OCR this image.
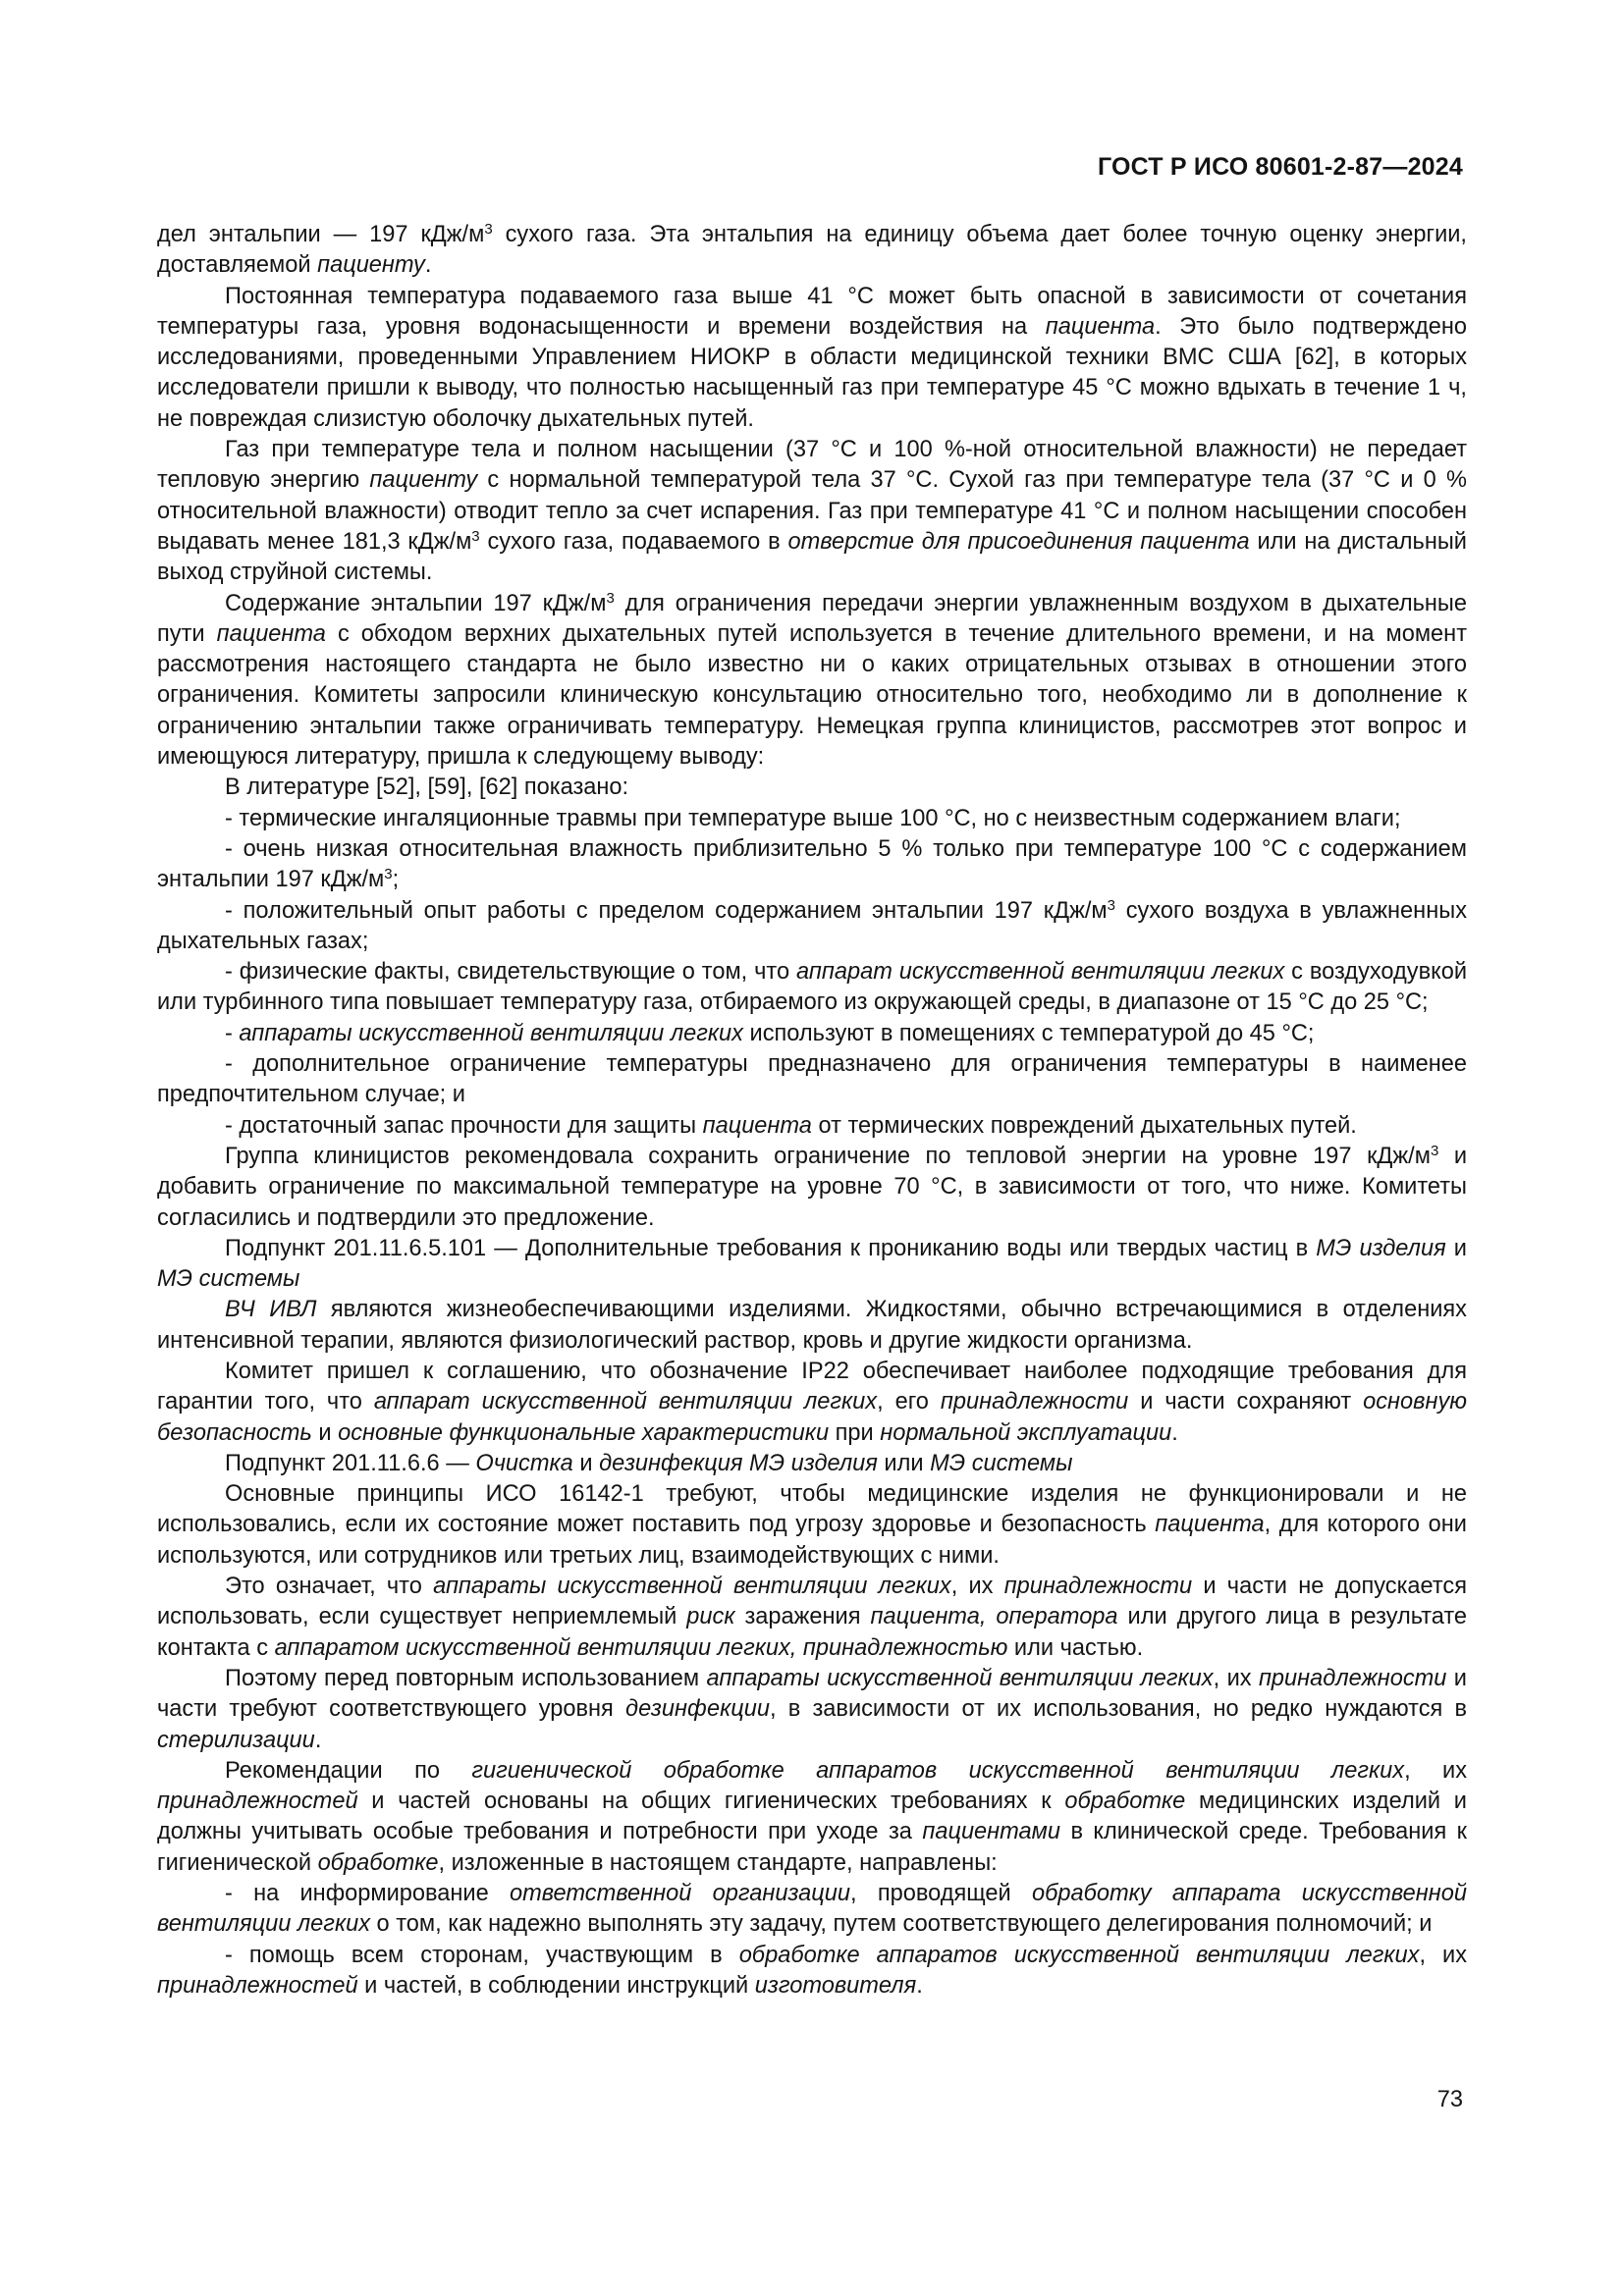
ГОСТ Р ИСО 80601-2-87—2024

дел энтальпии — 197 кДж/$м^3$ сухого газа. Эта энтальпия на единицу объема дает более точную оценку энергии, доставляемой пациенту.

Постоянная температура подаваемого газа выше 41 °С может быть опасной в зависимости от сочетания температуры газа, уровня водонасыщенности и времени воздействия на пациента. Это было подтверждено исследованиями, проведенными Управлением НИОКР в области медицинской техники ВМС США [62], в которых исследователи пришли к выводу, что полностью насыщенный газ при температуре 45 °С можно вдыхать в течение 1 ч, не повреждая слизистую оболочку дыхательных путей.

Газ при температуре тела и полном насыщении (37 °С и 100 %-ной относительной влажности) не передает тепловую энергию пациенту с нормальной температурой тела 37 °С. Сухой газ при температуре тела (37 °С и 0 % относительной влажности) отводит тепло за счет испарения. Газ при температуре 41 °С и полном насыщении способен выдавать менее 181,3 кДж/$м^3$ сухого газа, подаваемого в отверстие для присоединения пациента или на дистальный выход струйной системы.

Содержание энтальпии 197 кДж/$м^3$ для ограничения передачи энергии увлажненным воздухом в дыхательные пути пациента с обходом верхних дыхательных путей используется в течение длительного времени, и на момент рассмотрения настоящего стандарта не было известно ни о каких отрицательных отзывах в отношении этого ограничения. Комитеты запросили клиническую консультацию относительно того, необходимо ли в дополнение к ограничению энтальпии также ограничивать температуру. Немецкая группа клиницистов, рассмотрев этот вопрос и имеющуюся литературу, пришла к следующему выводу:

В литературе [52], [59], [62] показано:

- термические ингаляционные травмы при температуре выше 100 °С, но с неизвестным содержанием влаги;

- очень низкая относительная влажность приблизительно 5 % только при температуре 100 °С с содержанием энтальпии 197 кДж/$м^3$;

- положительный опыт работы с пределом содержанием энтальпии 197 кДж/$м^3$ сухого воздуха в увлажненных дыхательных газах;

- физические факты, свидетельствующие о том, что аппарат искусственной вентиляции легких с воздуходувкой или турбинного типа повышает температуру газа, отбираемого из окружающей среды, в диапазоне от 15 °С до 25 °С;

- аппараты искусственной вентиляции легких используют в помещениях с температурой до 45 °С;

- дополнительное ограничение температуры предназначено для ограничения температуры в наименее предпочтительном случае; и

- достаточный запас прочности для защиты пациента от термических повреждений дыхательных путей.

Группа клиницистов рекомендовала сохранить ограничение по тепловой энергии на уровне 197 кДж/$м^3$ и добавить ограничение по максимальной температуре на уровне 70 °С, в зависимости от того, что ниже. Комитеты согласились и подтвердили это предложение.

Подпункт 201.11.6.5.101 — Дополнительные требования к прониканию воды или твердых частиц в МЭ изделия и МЭ системы

ВЧ ИВЛ являются жизнеобеспечивающими изделиями. Жидкостями, обычно встречающимися в отделениях интенсивной терапии, являются физиологический раствор, кровь и другие жидкости организма.

Комитет пришел к соглашению, что обозначение IP22 обеспечивает наиболее подходящие требования для гарантии того, что аппарат искусственной вентиляции легких, его принадлежности и части сохраняют основную безопасность и основные функциональные характеристики при нормальной эксплуатации.

Подпункт 201.11.6.6 — Очистка и дезинфекция МЭ изделия или МЭ системы

Основные принципы ИСО 16142-1 требуют, чтобы медицинские изделия не функционировали и не использовались, если их состояние может поставить под угрозу здоровье и безопасность пациента, для которого они используются, или сотрудников или третьих лиц, взаимодействующих с ними.

Это означает, что аппараты искусственной вентиляции легких, их принадлежности и части не допускается использовать, если существует неприемлемый риск заражения пациента, оператора или другого лица в результате контакта с аппаратом искусственной вентиляции легких, принадлежностью или частью.

Поэтому перед повторным использованием аппараты искусственной вентиляции легких, их принадлежности и части требуют соответствующего уровня дезинфекции, в зависимости от их использования, но редко нуждаются в стерилизации.

Рекомендации по гигиенической обработке аппаратов искусственной вентиляции легких, их принадлежностей и частей основаны на общих гигиенических требованиях к обработке медицинских изделий и должны учитывать особые требования и потребности при уходе за пациентами в клинической среде. Требования к гигиенической обработке, изложенные в настоящем стандарте, направлены:

- на информирование ответственной организации, проводящей обработку аппарата искусственной вентиляции легких о том, как надежно выполнять эту задачу, путем соответствующего делегирования полномочий; и

- помощь всем сторонам, участвующим в обработке аппаратов искусственной вентиляции легких, их принадлежностей и частей, в соблюдении инструкций изготовителя.

73
